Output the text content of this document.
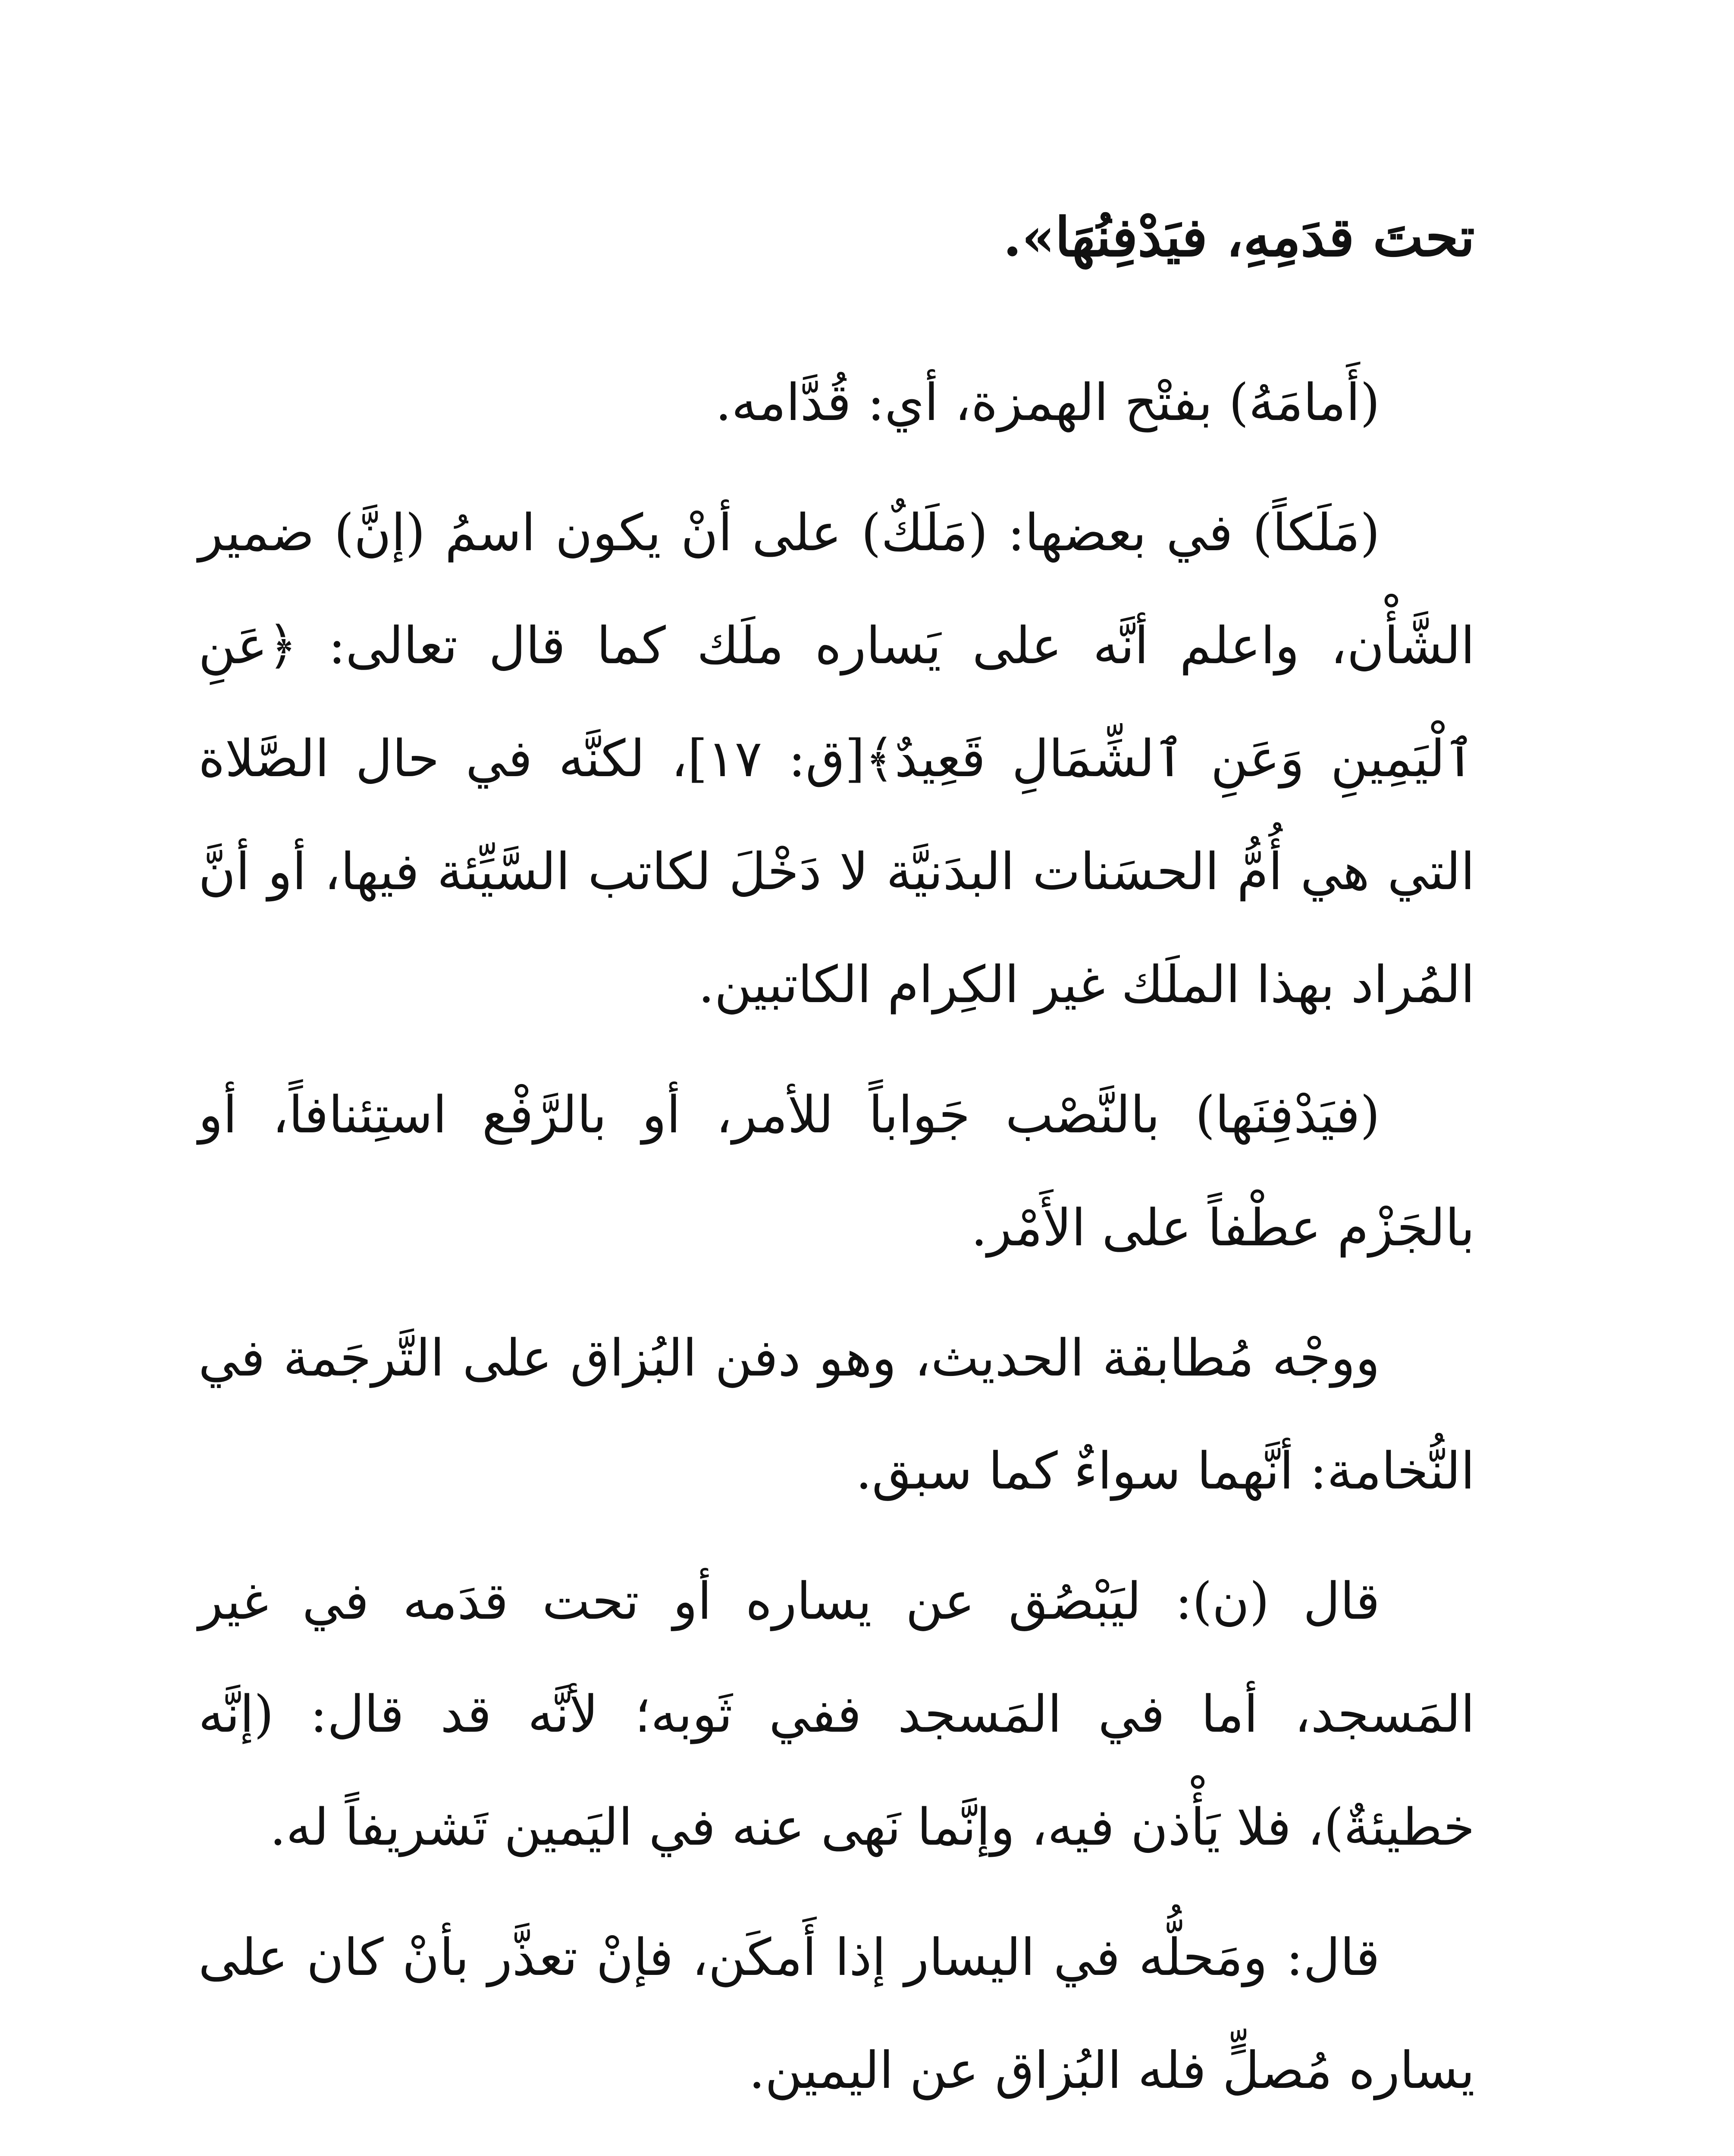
تحتَ قدَمِهِ، فيَدْفِنُهَا».

(أَمامَهُ) بفتْح الهمزة، أي: قُدَّامه.

(مَلَكاً) في بعضها: (مَلَكٌ) على أنْ يكون اسمُ (إنَّ) ضمير الشَّأْن، واعلم أنَّه على يَساره ملَك كما قال تعالى: ﴿عَنِ ٱلْيَمِينِ وَعَنِ ٱلشِّمَالِ قَعِيدٌ﴾[ق: ١٧]، لكنَّه في حال الصَّلاة التي هي أُمُّ الحسَنات البدَنيَّة لا دَخْلَ لكاتب السَّيِّئة فيها، أو أنَّ المُراد بهذا الملَك غير الكِرام الكاتبين.

(فيَدْفِنَها) بالنَّصْب جَواباً للأمر، أو بالرَّفْع استِئنافاً، أو بالجَزْم عطْفاً على الأَمْر.

ووجْه مُطابقة الحديث، وهو دفن البُزاق على التَّرجَمة في النُّخامة: أنَّهما سواءٌ كما سبق.

قال (ن): ليَبْصُق عن يساره أو تحت قدَمه في غير المَسجد، أما في المَسجد ففي ثَوبه؛ لأنَّه قد قال: (إنَّه خطيئةٌ)، فلا يَأْذن فيه، وإنَّما نَهى عنه في اليَمين تَشريفاً له.

قال: ومَحلُّه في اليسار إذا أَمكَن، فإنْ تعذَّر بأنْ كان على يساره مُصلٍّ فله البُزاق عن اليمين.
